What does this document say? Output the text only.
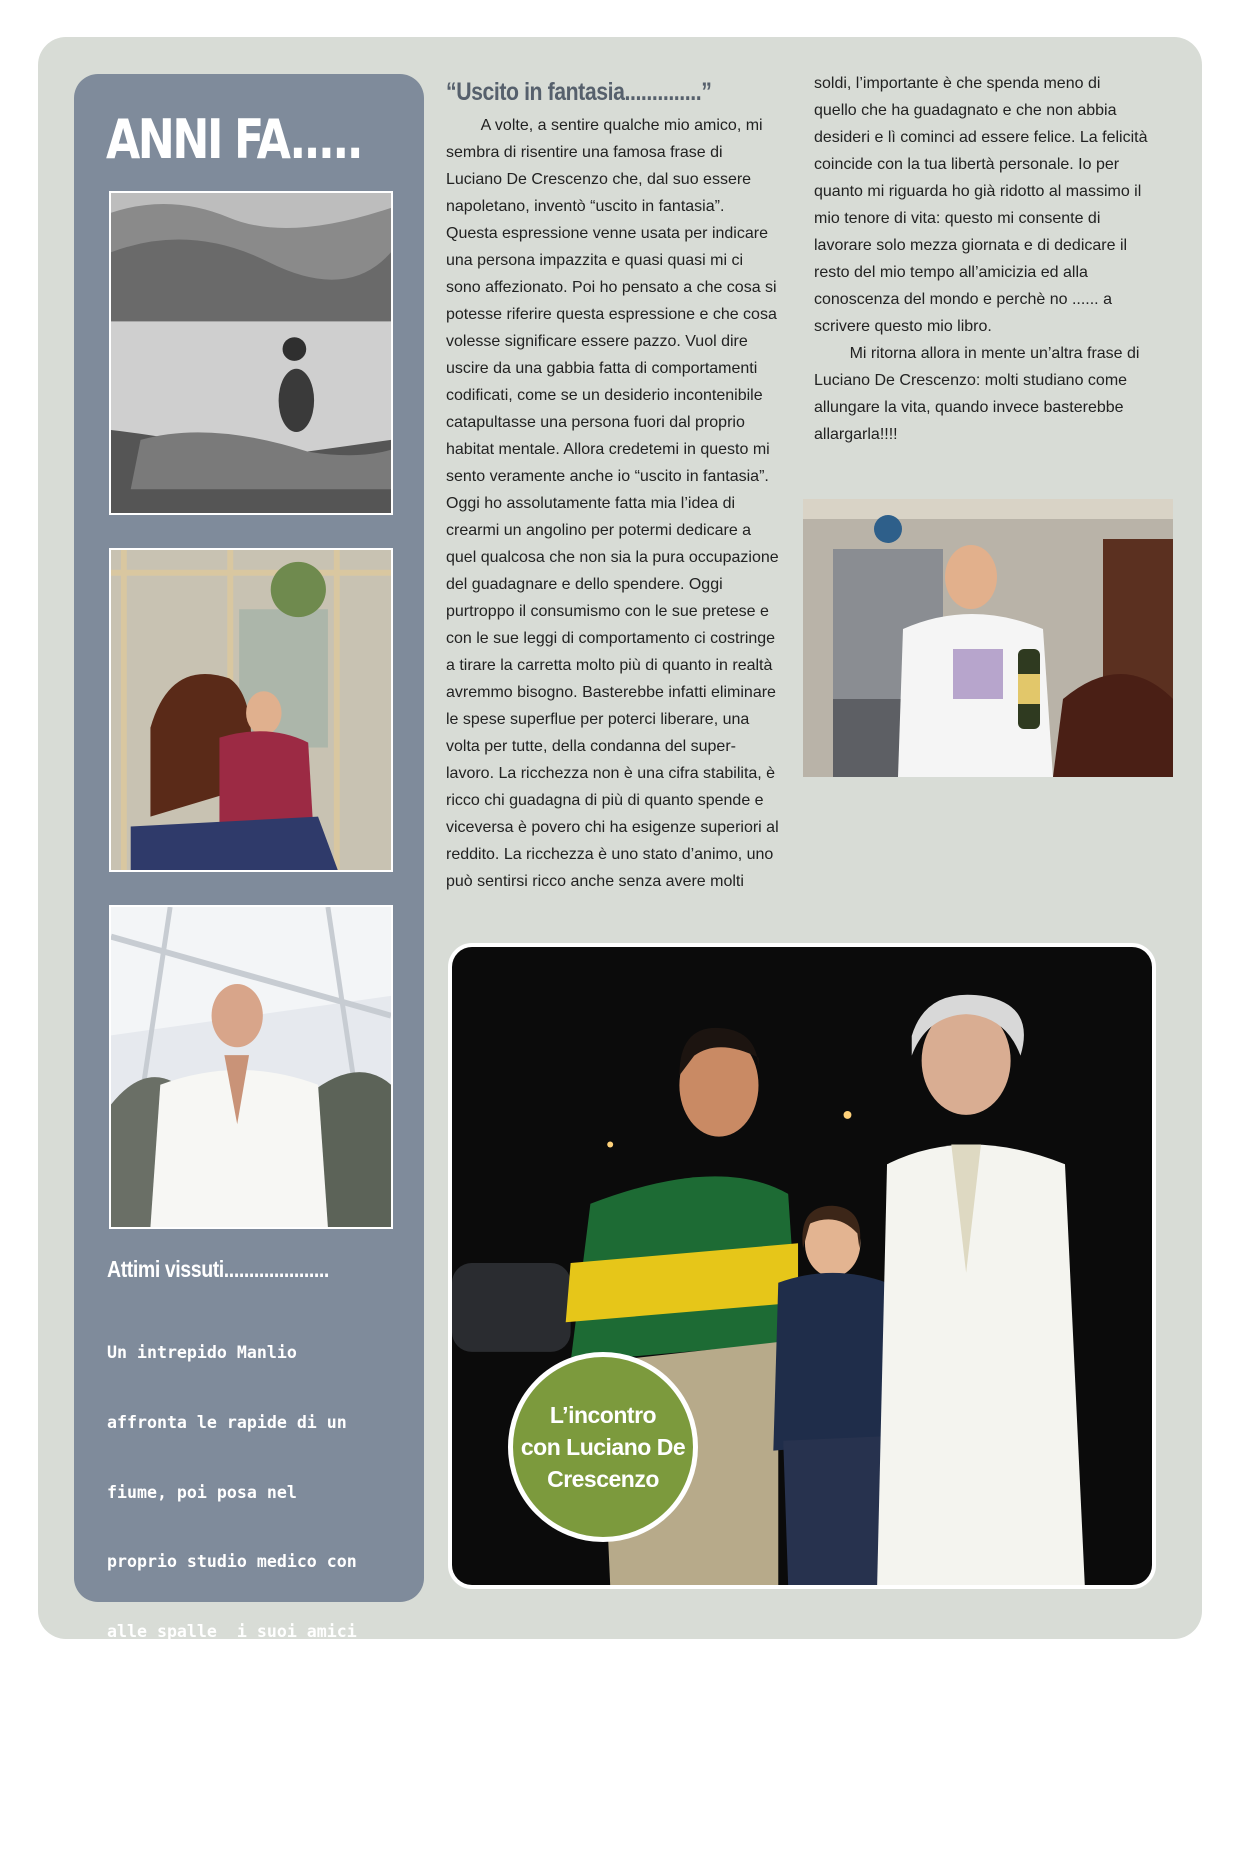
ANNI FA.....
Attimi vissuti.....................

Un intrepido Manlio

affronta le rapide di un

fiume, poi posa nel

proprio studio medico con

alle spalle  i suoi amici

animali ed infine si gode

una meritata pausa in

sauna

“Uscito in fantasia..............”

A volte, a sentire qualche mio amico, mi

sembra di risentire una famosa frase di

Luciano De Crescenzo che, dal suo essere

napoletano, inventò “uscito in fantasia”.

Questa espressione venne usata per indicare

una persona impazzita e quasi quasi mi ci

sono affezionato. Poi ho pensato a che cosa si

potesse riferire questa espressione e che cosa

volesse significare essere pazzo. Vuol dire

uscire da una gabbia fatta di comportamenti

codificati, come se un desiderio incontenibile

catapultasse una persona fuori dal proprio

habitat mentale. Allora credetemi in questo mi

sento veramente anche io “uscito in fantasia”.

Oggi ho assolutamente fatta mia l’idea di

crearmi un angolino per potermi dedicare a

quel qualcosa che non sia la pura occupazione

del guadagnare e dello spendere. Oggi

purtroppo il consumismo con le sue pretese e

con le sue leggi di comportamento ci costringe

a tirare la carretta molto più di quanto in realtà

avremmo bisogno. Basterebbe infatti eliminare

le spese superflue per poterci liberare, una

volta per tutte, della condanna del super-

lavoro. La ricchezza non è una cifra stabilita, è

ricco chi guadagna di più di quanto spende e

viceversa è povero chi ha esigenze superiori al

reddito. La ricchezza è uno stato d’animo, uno

può sentirsi ricco anche senza avere molti

soldi, l’importante è che spenda meno di

quello che ha guadagnato e che non abbia

desideri e lì cominci ad essere felice. La felicità

coincide con la tua libertà personale. Io per

quanto mi riguarda ho già ridotto al massimo il

mio tenore di vita: questo mi consente di

lavorare solo mezza giornata e di dedicare il

resto del mio tempo all’amicizia ed alla

conoscenza del mondo e perchè no ...... a

scrivere questo mio libro.

Mi ritorna allora in mente un’altra frase di

Luciano De Crescenzo: molti studiano come

allungare la vita, quando invece basterebbe

allargarla!!!!

L’incontro
con Luciano De
Crescenzo
